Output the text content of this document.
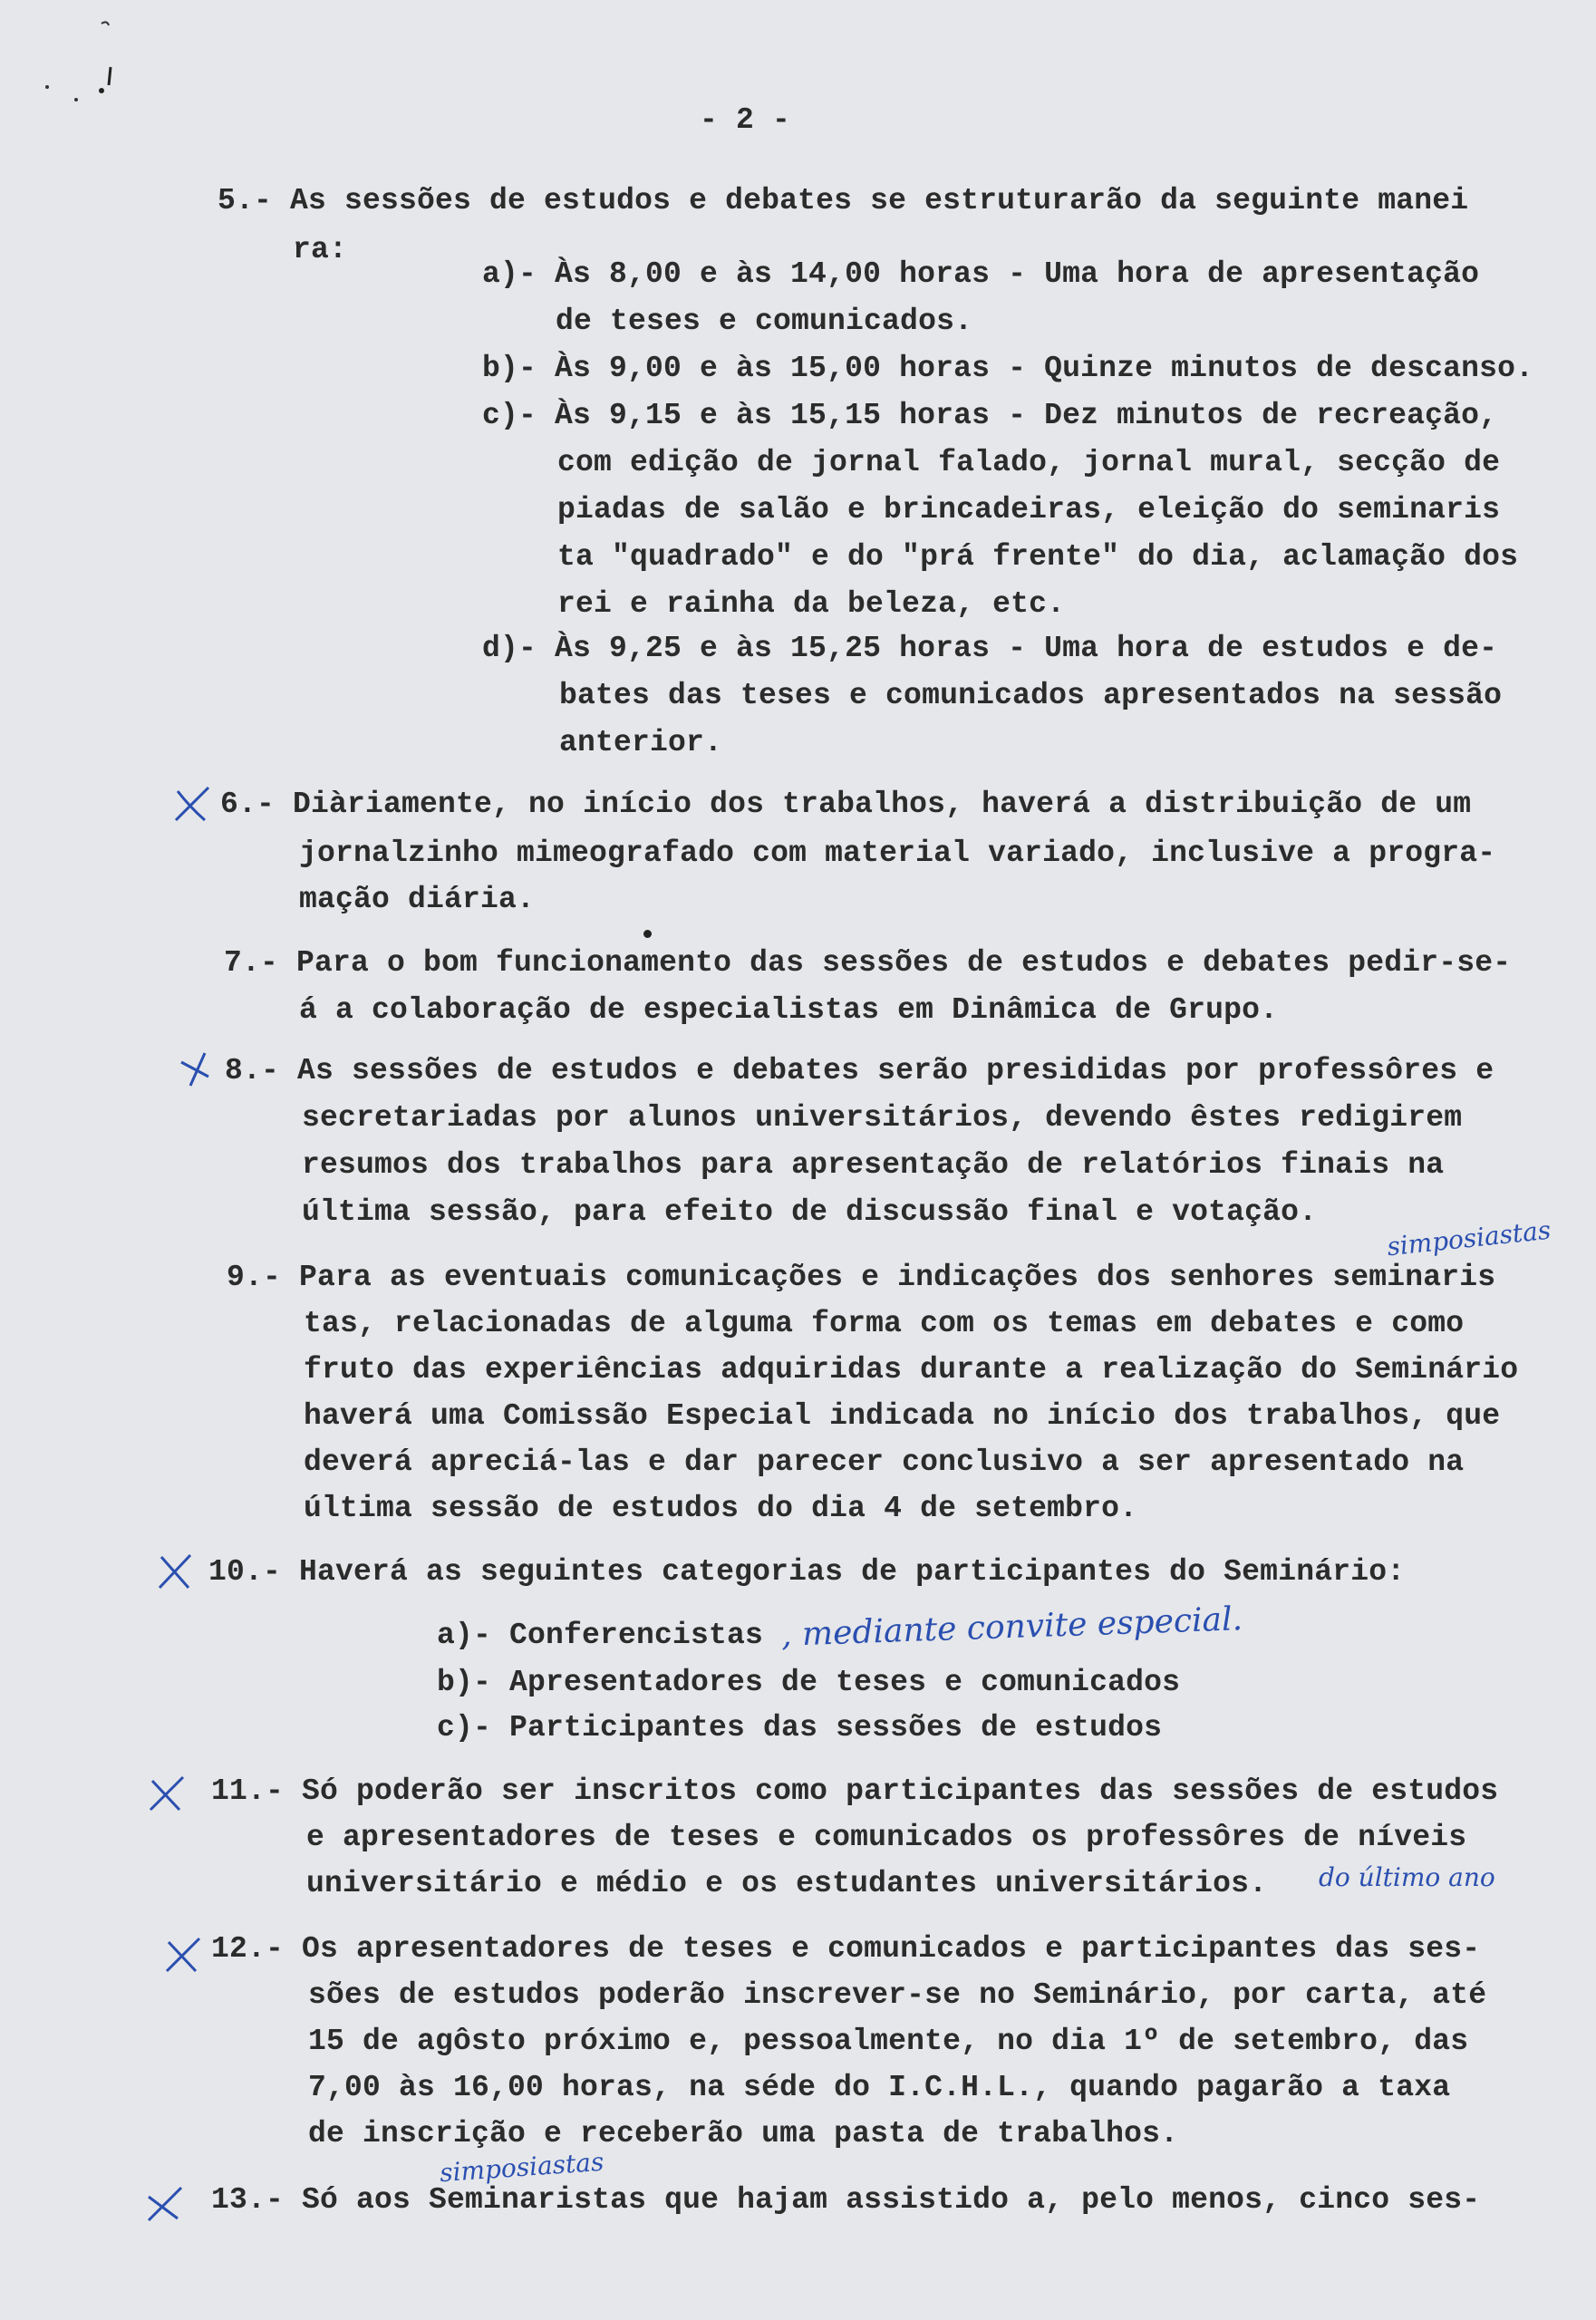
- 2 -
5.- As sessões de estudos e debates se estruturarão da seguinte manei
ra:
a)- Às 8,00 e às 14,00 horas - Uma hora de apresentação
de teses e comunicados.
b)- Às 9,00 e às 15,00 horas - Quinze minutos de descanso.
c)- Às 9,15 e às 15,15 horas - Dez minutos de recreação,
com edição de jornal falado, jornal mural, secção de
piadas de salão e brincadeiras, eleição do seminaris
ta "quadrado" e do "prá frente" do dia, aclamação dos
rei e rainha da beleza, etc.
d)- Às 9,25 e às 15,25 horas - Uma hora de estudos e de-
bates das teses e comunicados apresentados na sessão
anterior.
6.- Diàriamente, no início dos trabalhos, haverá a distribuição de um
jornalzinho mimeografado com material variado, inclusive a progra-
mação diária.
7.- Para o bom funcionamento das sessões de estudos e debates pedir-se-
á a colaboração de especialistas em Dinâmica de Grupo.
8.- As sessões de estudos e debates serão presididas por professôres e
secretariadas por alunos universitários, devendo êstes redigirem
resumos dos trabalhos para apresentação de relatórios finais na
última sessão, para efeito de discussão final e votação.
simposiastas
9.- Para as eventuais comunicações e indicações dos senhores seminaris
tas, relacionadas de alguma forma com os temas em debates e como
fruto das experiências adquiridas durante a realização do Seminário
haverá uma Comissão Especial indicada no início dos trabalhos, que
deverá apreciá-las e dar parecer conclusivo a ser apresentado na
última sessão de estudos do dia 4 de setembro.
10.- Haverá as seguintes categorias de participantes do Seminário:
a)- Conferencistas , mediante convite especial.
b)- Apresentadores de teses e comunicados
c)- Participantes das sessões de estudos
11.- Só poderão ser inscritos como participantes das sessões de estudos
e apresentadores de teses e comunicados os professôres de níveis
universitário e médio e os estudantes universitários. do último ano
12.- Os apresentadores de teses e comunicados e participantes das ses-
sões de estudos poderão inscrever-se no Seminário, por carta, até
15 de agôsto próximo e, pessoalmente, no dia 1º de setembro, das
7,00 às 16,00 horas, na séde do I.C.H.L., quando pagarão a taxa
de inscrição e receberão uma pasta de trabalhos.
simposiastas
13.- Só aos Seminaristas que hajam assistido a, pelo menos, cinco ses-
